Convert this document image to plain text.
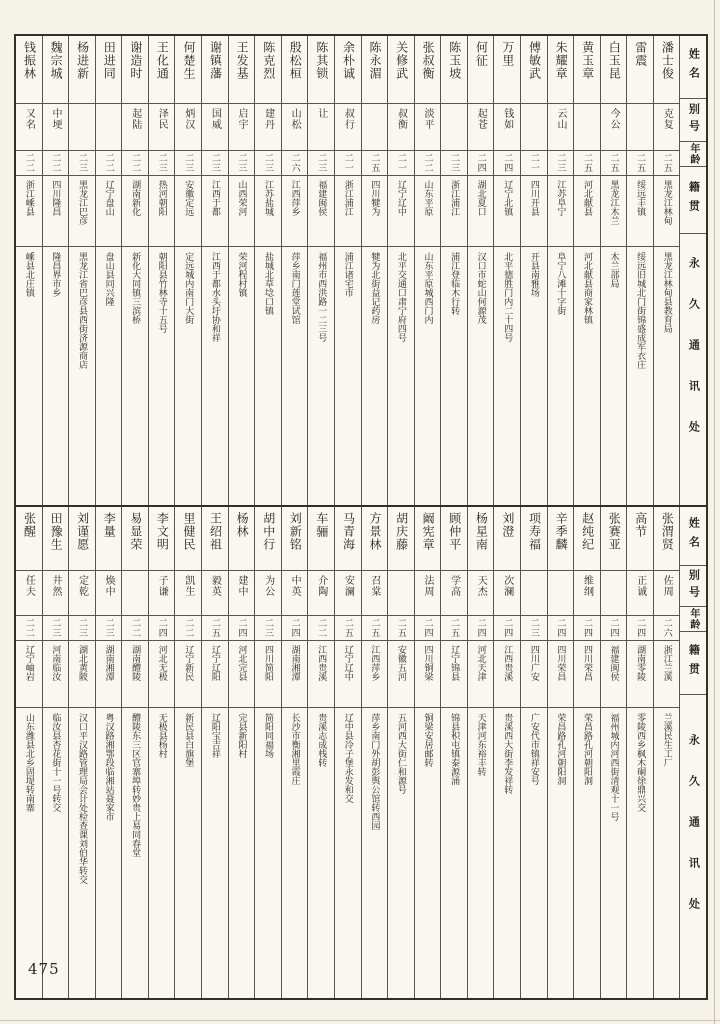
钱振林
又名
二二
浙江嵊县
嵊县北庄镇
魏宗城
中埂
二二
四川隆昌
隆昌界市乡
杨进新
二三
黑龙江巴彦
黑龙江省巴彦县西街济源商店
田进同
二二
辽宁盘山
盘山县同兴隆
谢造时
起陆
二二
湖南新化
新化大同镇三滨桥
王化通
泽民
二三
热河朝阳
朝阳县竹林寺十五号
何楚生
炳汉
二三
安徽定远
定远城内南门大街
谢镇藩
国威
二三
江西于都
江西于都水头圩协和祥
王发基
启宇
二三
山西荣河
荣河程村镇
陈克烈
建丹
二三
江苏盐城
盐城北草埝口镇
殷松桓
山松
二六
江西萍乡
萍乡南门莲堂试馆
陈其锁
让
二三
福建闽侯
福州市西洪路一二三号
余朴诚
叔行
二一
浙江浦江
浦江诸宅市
陈永湄
二五
四川犍为
犍为北街益记药房
关修武
叔衡
二一
辽宁辽中
北平交通口肃宁府四号
张叔衡
淡平
二二
山东平原
山东平原城西门内
陈玉坡
二三
浙江浦江
浦江登临木行转
何征
起苍
二四
湖北夏口
汉口市蛇山何源茂
万里
钱如
二四
辽宁北镇
北平德胜门内二十四号
傅敏武
二一
四川开县
开县南雅场
朱耀章
云山
二三
江苏阜宁
阜宁八滩十字街
黄玉章
二五
河北献县
河北献县商家林镇
白玉昆
今公
二五
黑龙江木兰
木兰部局
雷震
二五
绥远丰镇
绥远旧城北门街锦盛成军衣庄
潘士俊
克复
二五
黑龙江林甸
黑龙江林甸县教育局
姓名
别号
年龄
籍贯
永久通讯处
张醒
任夫
二二
辽宁岫岩
山东潍县北乡固堤转南寨
田豫生
井然
二三
河南临汝
临汝县杏花街十一号转交
刘谨愿
定乾
二三
湖北黄陂
汉口平汉路管理局会计处检查课刘伯华转交
李量
焕中
二三
湖南湘潭
粤汉路湘鄂段临湘站聂家市
易显荣
二二
湖南醴陵
醴陵东三区官寨埠转妙贵上易同春堂
李文明
子谦
二四
河北无极
无极县杨村
里健民
凯生
二二
辽宁新民
新民县白旗堡
王绍祖
毅英
二五
辽宁辽阳
辽阳宝吉祥
杨林
建中
二四
河北完县
完县新阳村
胡中行
为公
二三
四川简阳
简阳同福场
刘新铭
中英
二四
湖南湘潭
长沙市衡湘里霞庄
车骊
介陶
二二
江西贵溪
贵溪志成栈转
马青海
安澜
二五
辽宁辽中
辽中县冷子堡永发和交
方景林
召棠
二五
江西萍乡
萍乡南门外胡彭舆公馆转西园
胡庆藤
二五
安徽五河
五河西大街仁和源号
阚宪章
法周
二四
四川铜梁
铜梁安居邮转
顾仲平
学高
二五
辽宁锦县
锦县积屯镇泰源涌
杨星南
天杰
二四
河北天津
天津河东裕丰转
刘澄
次澜
二四
江西贵溪
贵溪西大街李发祥转
项寿福
二三
四川广安
广安代市镇祥安号
辛季麟
二四
四川荣昌
荣昌路孔河朝阳洞
赵纯纪
维纲
二四
四川荣昌
荣昌路孔河朝阳洞
张赛亚
二四
福建闽侯
福州城内河西街清观十一号
高节
正诚
二四
湖南零陵
零陵西乡枫木硐徐鼎兴交
张渭贤
佐周
二六
浙江兰溪
兰溪民生工厂
姓名
别号
年龄
籍贯
永久通讯处
475
